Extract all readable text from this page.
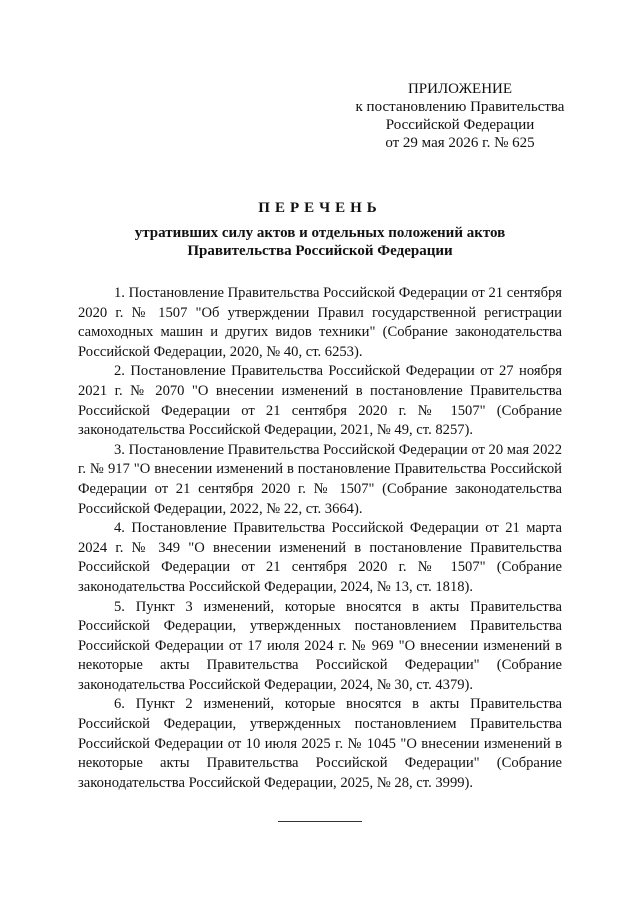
ПРИЛОЖЕНИЕ
к постановлению Правительства
Российской Федерации
от 29 мая 2026 г. № 625
ПЕРЕЧЕНЬ
утративших силу актов и отдельных положений актов
Правительства Российской Федерации

1. Постановление Правительства Российской Федерации от 21 сентября 2020 г. № 1507 "Об утверждении Правил государственной регистрации самоходных машин и других видов техники" (Собрание законодательства Российской Федерации, 2020, № 40, ст. 6253).

2. Постановление Правительства Российской Федерации от 27 ноября 2021 г. № 2070 "О внесении изменений в постановление Правительства Российской Федерации от 21 сентября 2020 г. № 1507" (Собрание законодательства Российской Федерации, 2021, № 49, ст. 8257).

3. Постановление Правительства Российской Федерации от 20 мая 2022 г. № 917 "О внесении изменений в постановление Правительства Российской Федерации от 21 сентября 2020 г. № 1507" (Собрание законодательства Российской Федерации, 2022, № 22, ст. 3664).

4. Постановление Правительства Российской Федерации от 21 марта 2024 г. № 349 "О внесении изменений в постановление Правительства Российской Федерации от 21 сентября 2020 г. № 1507" (Собрание законодательства Российской Федерации, 2024, № 13, ст. 1818).

5. Пункт 3 изменений, которые вносятся в акты Правительства Российской Федерации, утвержденных постановлением Правительства Российской Федерации от 17 июля 2024 г. № 969 "О внесении изменений в некоторые акты Правительства Российской Федерации" (Собрание законодательства Российской Федерации, 2024, № 30, ст. 4379).

6. Пункт 2 изменений, которые вносятся в акты Правительства Российской Федерации, утвержденных постановлением Правительства Российской Федерации от 10 июля 2025 г. № 1045 "О внесении изменений в некоторые акты Правительства Российской Федерации" (Собрание законодательства Российской Федерации, 2025, № 28, ст. 3999).
